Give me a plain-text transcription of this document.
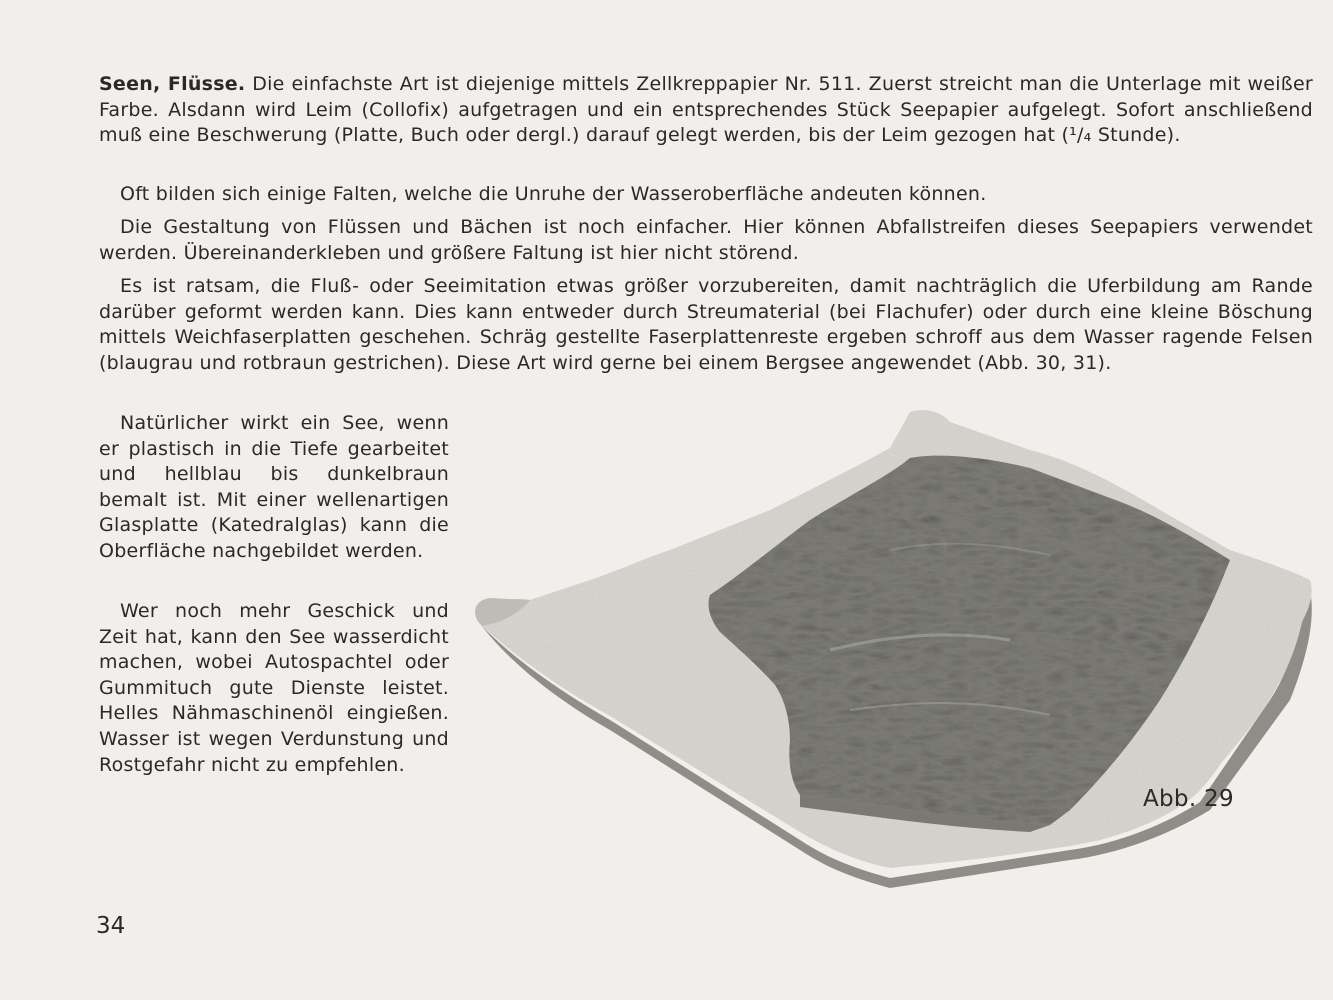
Seen, Flüsse. Die einfachste Art ist diejenige mittels Zellkreppapier Nr. 511. Zuerst streicht man die Unterlage mit weißer Farbe. Alsdann wird Leim (Collofix) aufgetragen und ein entsprechendes Stück Seepapier aufgelegt. Sofort anschließend muß eine Beschwerung (Platte, Buch oder dergl.) darauf gelegt werden, bis der Leim gezogen hat (¹/₄ Stunde).

Oft bilden sich einige Falten, welche die Unruhe der Wasseroberfläche andeuten können.

Die Gestaltung von Flüssen und Bächen ist noch einfacher. Hier können Abfallstreifen dieses Seepapiers verwendet werden. Übereinanderkleben und größere Faltung ist hier nicht störend.

Es ist ratsam, die Fluß- oder Seeimitation etwas größer vorzubereiten, damit nachträglich die Uferbildung am Rande darüber geformt werden kann. Dies kann entweder durch Streumaterial (bei Flachufer) oder durch eine kleine Böschung mittels Weichfaserplatten geschehen. Schräg gestellte Faserplattenreste ergeben schroff aus dem Wasser ragende Felsen (blaugrau und rotbraun gestrichen). Diese Art wird gerne bei einem Bergsee angewendet (Abb. 30, 31).

Natürlicher wirkt ein See, wenn er plastisch in die Tiefe gearbeitet und hellblau bis dunkelbraun bemalt ist. Mit einer wellenartigen Glasplatte (Katedralglas) kann die Oberfläche nachgebildet werden.

Wer noch mehr Geschick und Zeit hat, kann den See wasserdicht machen, wobei Autospachtel oder Gummituch gute Dienste leistet. Helles Nähmaschinenöl eingießen. Wasser ist wegen Verdunstung und Rostgefahr nicht zu empfehlen.

Abb. 29
34
